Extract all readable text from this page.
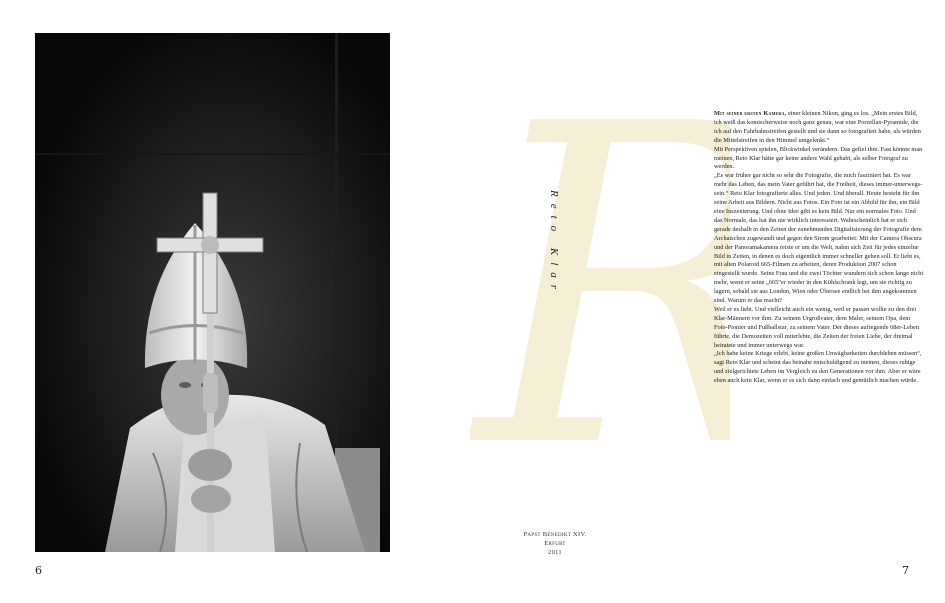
6
Reto Klar
Papst Benedikt XIV.
Erfurt
2011

Mit seiner ersten Kamera, einer kleinen Nikon, ging es los. „Mein erstes Bild, ich weiß das komischerweise noch ganz genau, war eine Porzellan-Pyramide, die ich auf den Fahrbahnstreifen gestellt und sie dann so fotografiert habe, als würden die Mittelstreifen in den Himmel umgelenkt.“

Mit Perspektiven spielen, Blickwinkel verändern. Das gefiel ihm. Fast könnte man meinen, Reto Klar hätte gar keine andere Wahl gehabt, als selber Fotograf zu werden.

„Es war früher gar nicht so sehr die Fotografie, die mich fasziniert hat. Es war mehr das Leben, das mein Vater geführt hat, die Freiheit, dieses immer-unterwegs-sein.“ Reto Klar fotografierte alles. Und jeden. Und überall. Heute besteht für ihn seine Arbeit aus Bildern. Nicht aus Fotos. Ein Foto ist ein Abbild für ihn, ein Bild eine Inszenierung. Und ohne Idee gibt es kein Bild. Nur ein normales Foto. Und das Normale, das hat ihn nie wirklich interessiert. Wahrscheinlich hat er sich gerade deshalb in den Zeiten der zunehmenden Digitalisierung der Fotografie dem Archaischen zugewandt und gegen den Strom gearbeitet: Mit der Camera Obscura und der Panoramakamera reiste er um die Welt, nahm sich Zeit für jedes einzelne Bild in Zeiten, in denen es doch eigentlich immer schneller gehen soll. Er liebt es, mit alten Polaroid 665-Filmen zu arbeiten, deren Produktion 2007 schon eingestellt wurde. Seine Frau und die zwei Töchter wundern sich schon lange nicht mehr, wenn er seine „665“er wieder in den Kühlschrank legt, um sie richtig zu lagern, sobald sie aus London, Wien oder Übersee endlich bei ihm angekommen sind. Warum er das macht?

Weil er es liebt. Und vielleicht auch ein wenig, weil er passen wollte zu den drei Klar-Männern vor ihm. Zu seinem Urgroßvater, dem Maler, seinem Opa, dem Foto-Pionier und Fußballstar, zu seinem Vater. Der dieses aufregende 68er-Leben führte, die Demozeiten voll miterlebte, die Zeiten der freien Liebe, der dreimal heiratete und immer unterwegs war.

„Ich habe keine Kriege erlebt, keine großen Unwägbarkeiten durchleben müssen“, sagt Reto Klar und scheint das beinahe entschuldigend zu meinen, dieses ruhige und zielgerichtete Leben im Vergleich zu den Generationen vor ihm. Aber er wäre eben auch kein Klar, wenn er es sich dann einfach und gemütlich machen würde.

7
